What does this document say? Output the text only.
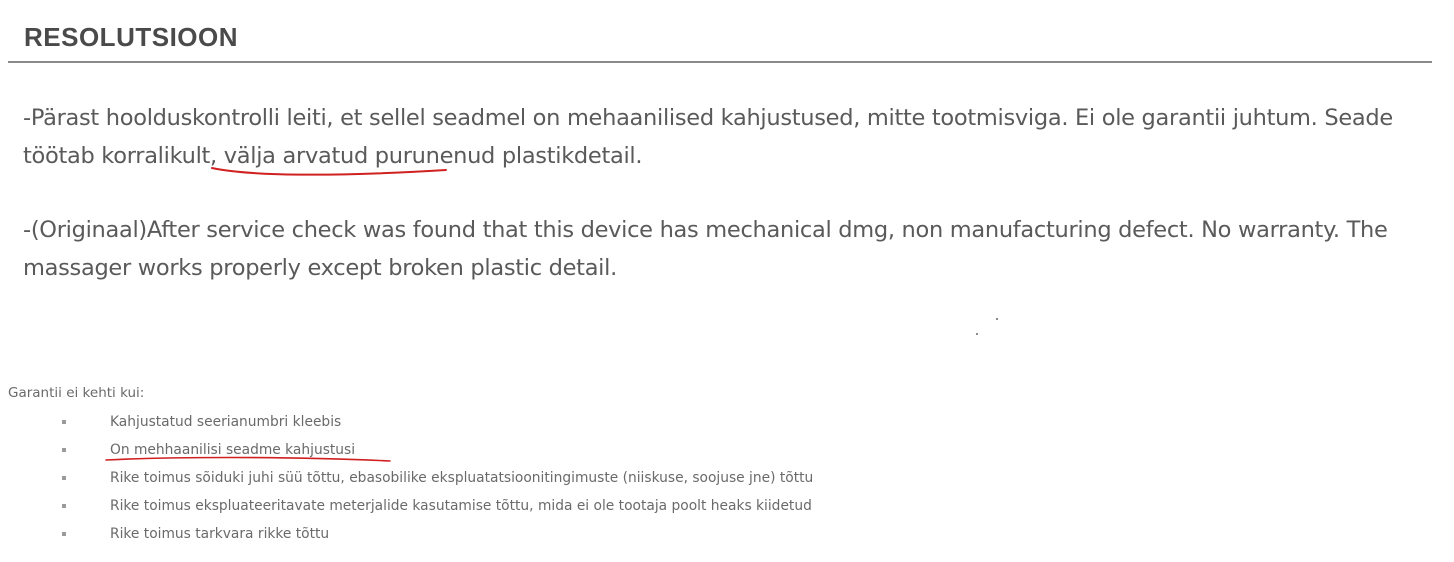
RESOLUTSIOON

-Pärast hoolduskontrolli leiti, et sellel seadmel on mehaanilised kahjustused, mitte tootmisviga. Ei ole garantii juhtum. Seade töötab korralikult, välja arvatud purunenud plastikdetail.

-(Originaal)After service check was found that this device has mechanical dmg, non manufacturing defect. No warranty. The massager works properly except broken plastic detail.

Garantii ei kehti kui:

Kahjustatud seerianumbri kleebis
On mehhaanilisi seadme kahjustusi
Rike toimus sõiduki juhi süü tõttu, ebasobilike ekspluatatsioonitingimuste (niiskuse, soojuse jne) tõttu
Rike toimus ekspluateeritavate meterjalide kasutamise tõttu, mida ei ole tootaja poolt heaks kiidetud
Rike toimus tarkvara rikke tõttu
